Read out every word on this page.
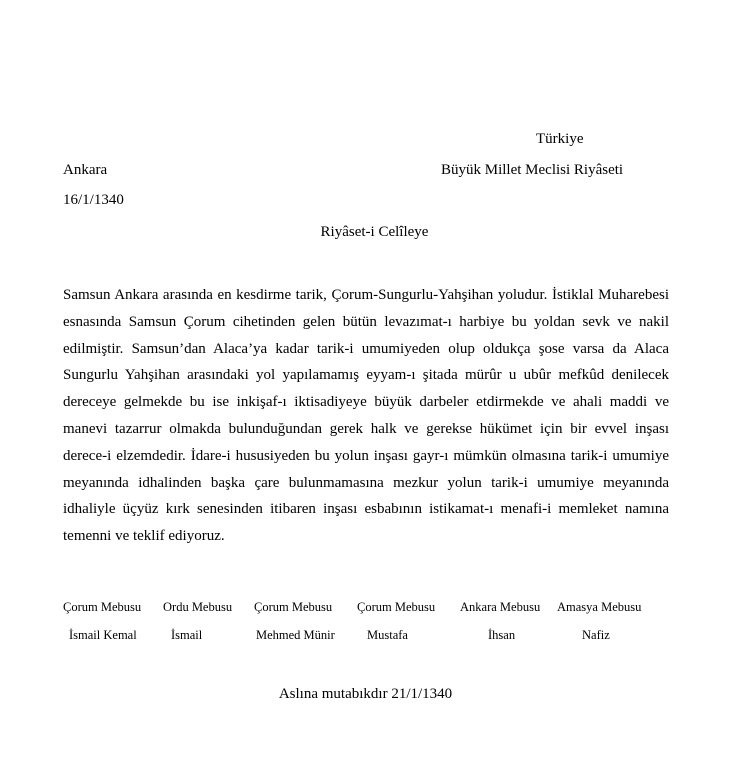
Türkiye
Ankara	Büyük Millet Meclisi Riyâseti
16/1/1340
Riyâset-i Celîleye

Samsun Ankara arasında en kesdirme tarik, Çorum-Sungurlu-Yahşihan yoludur. İstiklal Muharebesi esnasında Samsun Çorum cihetinden gelen bütün levazımat-ı harbiye bu yoldan sevk ve nakil edilmiştir. Samsun’dan Alaca’ya kadar tarik-i umumiyeden olup oldukça şose varsa da Alaca Sungurlu Yahşihan arasındaki yol yapılamamış eyyam-ı şitada mürûr u ubûr mefkûd denilecek dereceye gelmekde bu ise inkişaf-ı iktisadiyeye büyük darbeler etdirmekde ve ahali maddi ve manevi tazarrur olmakda bulunduğundan gerek halk ve gerekse hükümet için bir evvel inşası derece-i elzemdedir. İdare-i hususiyeden bu yolun inşası gayr-ı mümkün olmasına tarik-i umumiye meyanında idhalinden başka çare bulunmamasına mezkur yolun tarik-i umumiye meyanında idhaliyle üçyüz kırk senesinden itibaren inşası esbabının istikamat-ı menafi-i memleket namına temenni ve teklif ediyoruz.

Çorum Mebusu
İsmail Kemal
Ordu Mebusu
İsmail
Çorum Mebusu
Mehmed Münir
Çorum Mebusu
Mustafa
Ankara Mebusu
İhsan
Amasya Mebusu
Nafiz
Aslına mutabıkdır 21/1/1340
